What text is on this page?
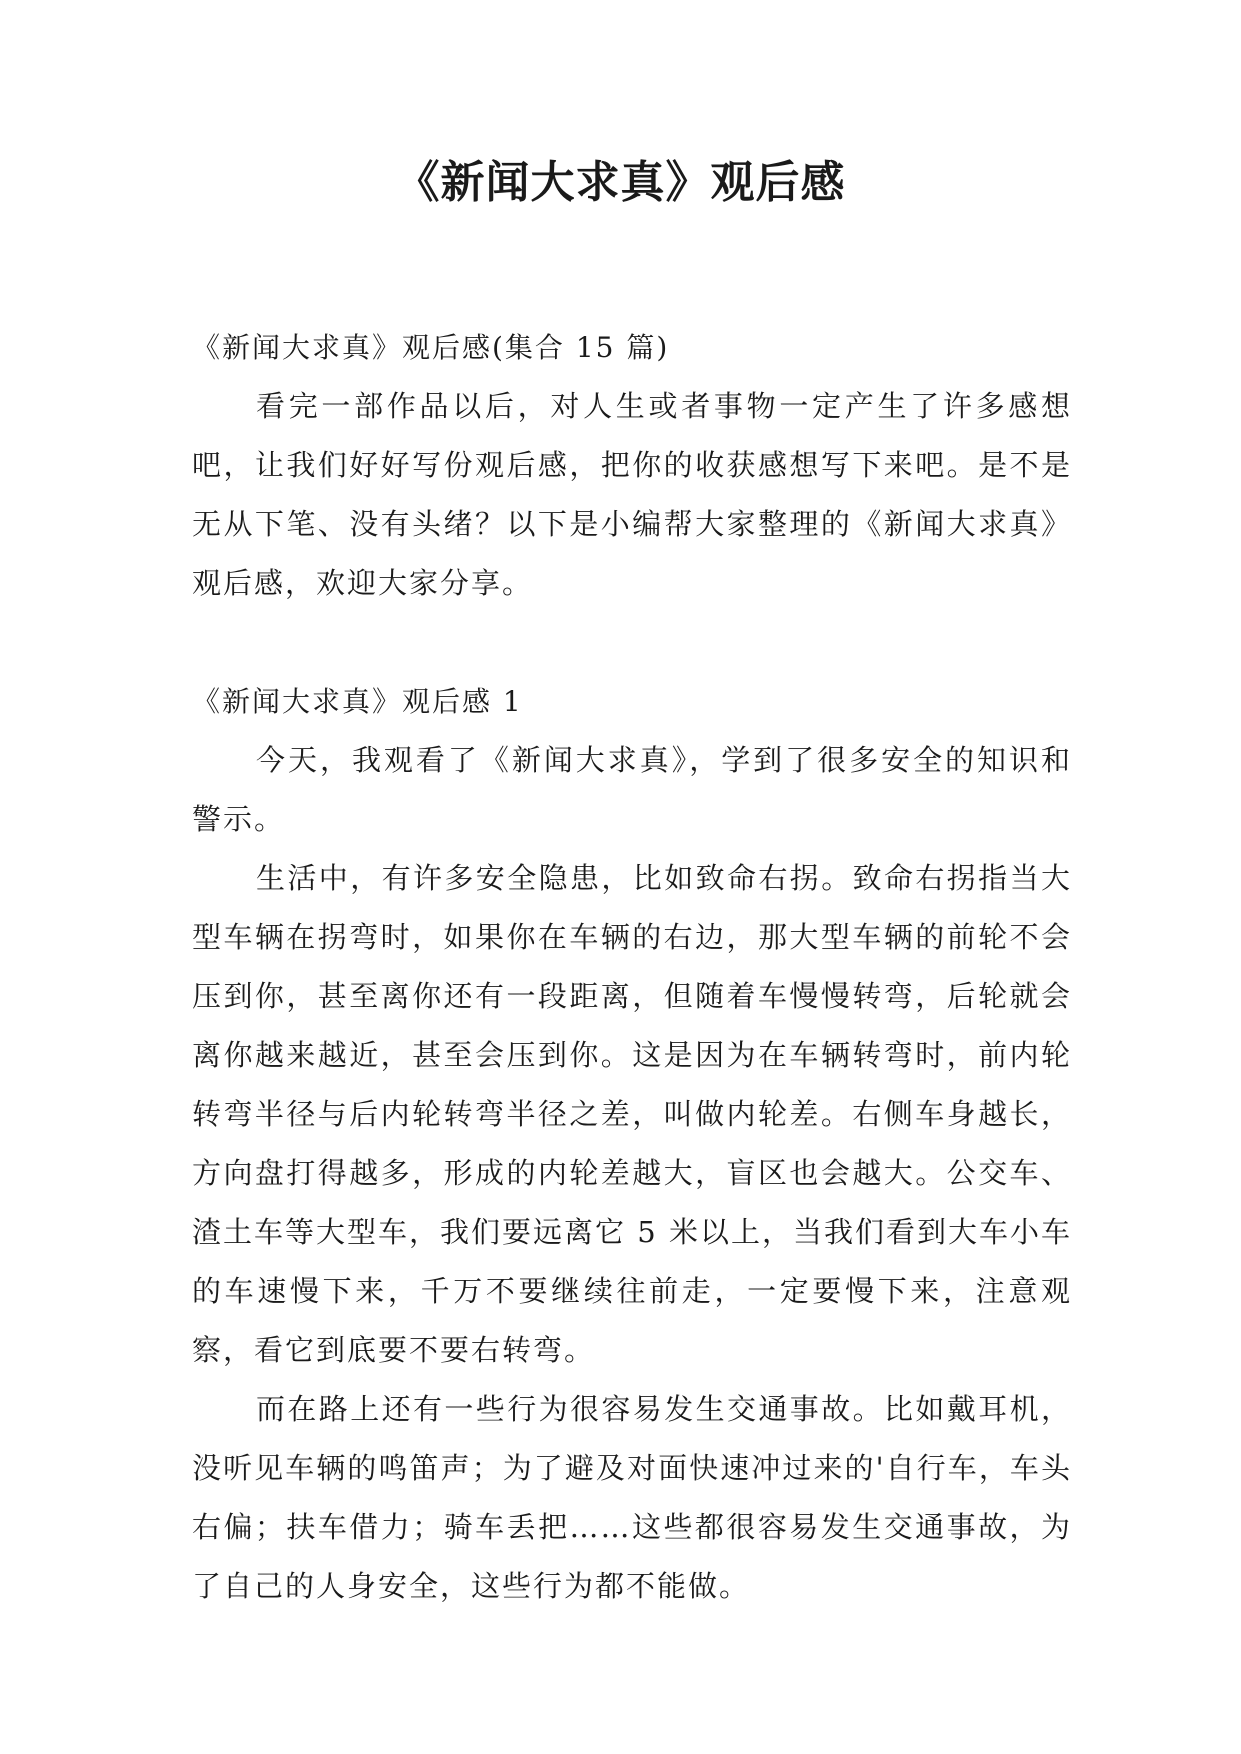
《新闻大求真》观后感

《新闻大求真》观后感(集合 15 篇)

看完一部作品以后，对人生或者事物一定产生了许多感想吧，让我们好好写份观后感，把你的收获感想写下来吧。是不是无从下笔、没有头绪？以下是小编帮大家整理的《新闻大求真》观后感，欢迎大家分享。

《新闻大求真》观后感 1

今天，我观看了《新闻大求真》，学到了很多安全的知识和警示。

生活中，有许多安全隐患，比如致命右拐。致命右拐指当大型车辆在拐弯时，如果你在车辆的右边，那大型车辆的前轮不会压到你，甚至离你还有一段距离，但随着车慢慢转弯，后轮就会离你越来越近，甚至会压到你。这是因为在车辆转弯时，前内轮转弯半径与后内轮转弯半径之差，叫做内轮差。右侧车身越长，方向盘打得越多，形成的内轮差越大，盲区也会越大。公交车、渣土车等大型车，我们要远离它 5 米以上，当我们看到大车小车的车速慢下来，千万不要继续往前走，一定要慢下来，注意观察，看它到底要不要右转弯。

而在路上还有一些行为很容易发生交通事故。比如戴耳机，没听见车辆的鸣笛声；为了避及对面快速冲过来的'自行车，车头右偏；扶车借力；骑车丢把……这些都很容易发生交通事故，为了自己的人身安全，这些行为都不能做。
